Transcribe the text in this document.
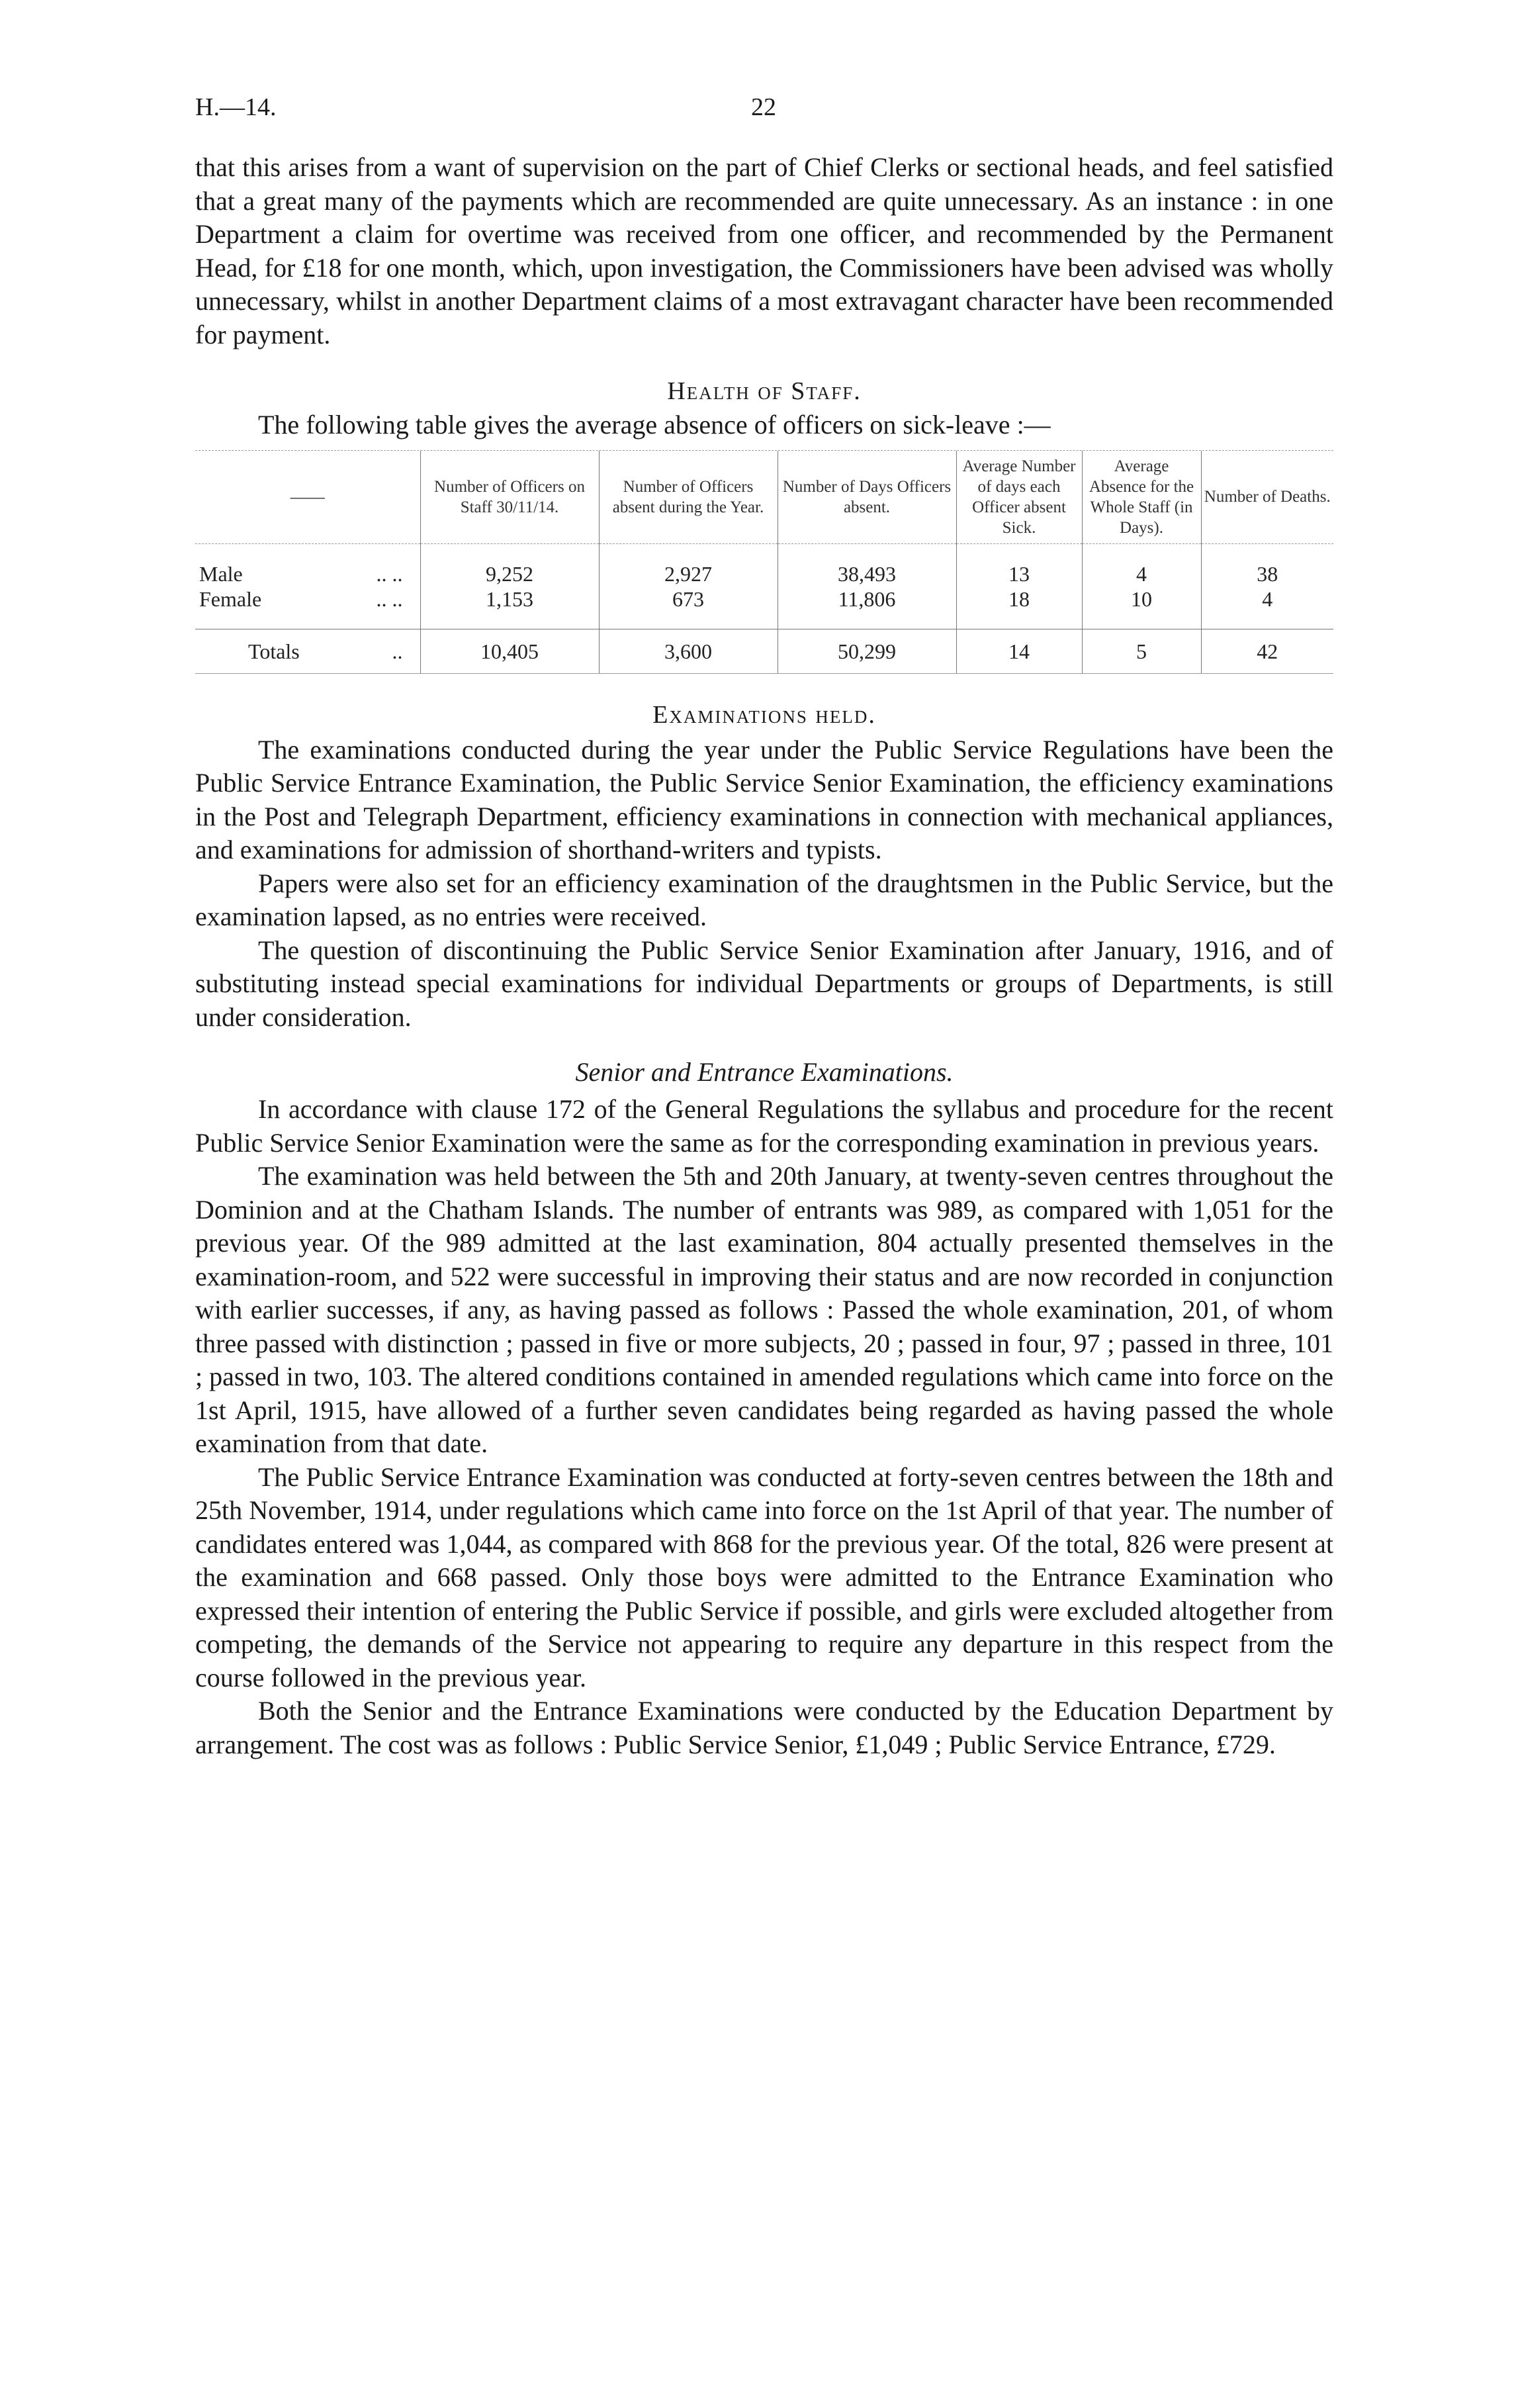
H.—14.	22

that this arises from a want of supervision on the part of Chief Clerks or sectional heads, and feel satisfied that a great many of the payments which are recommended are quite unnecessary. As an instance : in one Department a claim for overtime was received from one officer, and recommended by the Permanent Head, for £18 for one month, which, upon investigation, the Commissioners have been advised was wholly unnecessary, whilst in another Department claims of a most extravagant character have been recommended for payment.

Health of Staff.

The following table gives the average absence of officers on sick-leave :—

——	Number of Officers on Staff 30/11/14.	Number of Officers absent during the Year.	Number of Days Officers absent.	Average Number of days each Officer absent Sick.	Average Absence for the Whole Staff (in Days).	Number of Deaths.

Male .. ..	9,252	2,927	38,493	13	4	38
Female .. ..	1,153	673	11,806	18	10	4

Totals ..	10,405	3,600	50,299	14	5	42
Examinations held.

The examinations conducted during the year under the Public Service Regulations have been the Public Service Entrance Examination, the Public Service Senior Examination, the efficiency examinations in the Post and Telegraph Department, efficiency examinations in connection with mechanical appliances, and examinations for admission of shorthand-writers and typists.

Papers were also set for an efficiency examination of the draughtsmen in the Public Service, but the examination lapsed, as no entries were received.

The question of discontinuing the Public Service Senior Examination after January, 1916, and of substituting instead special examinations for individual Departments or groups of Departments, is still under consideration.

Senior and Entrance Examinations.

In accordance with clause 172 of the General Regulations the syllabus and procedure for the recent Public Service Senior Examination were the same as for the corresponding examination in previous years.

The examination was held between the 5th and 20th January, at twenty-seven centres throughout the Dominion and at the Chatham Islands. The number of entrants was 989, as compared with 1,051 for the previous year. Of the 989 admitted at the last examination, 804 actually presented themselves in the examination-room, and 522 were successful in improving their status and are now recorded in conjunction with earlier successes, if any, as having passed as follows : Passed the whole examination, 201, of whom three passed with distinction ; passed in five or more subjects, 20 ; passed in four, 97 ; passed in three, 101 ; passed in two, 103. The altered conditions contained in amended regulations which came into force on the 1st April, 1915, have allowed of a further seven candidates being regarded as having passed the whole examination from that date.

The Public Service Entrance Examination was conducted at forty-seven centres between the 18th and 25th November, 1914, under regulations which came into force on the 1st April of that year. The number of candidates entered was 1,044, as compared with 868 for the previous year. Of the total, 826 were present at the examination and 668 passed. Only those boys were admitted to the Entrance Examination who expressed their intention of entering the Public Service if possible, and girls were excluded altogether from competing, the demands of the Service not appearing to require any departure in this respect from the course followed in the previous year.

Both the Senior and the Entrance Examinations were conducted by the Education Department by arrangement. The cost was as follows : Public Service Senior, £1,049 ; Public Service Entrance, £729.
